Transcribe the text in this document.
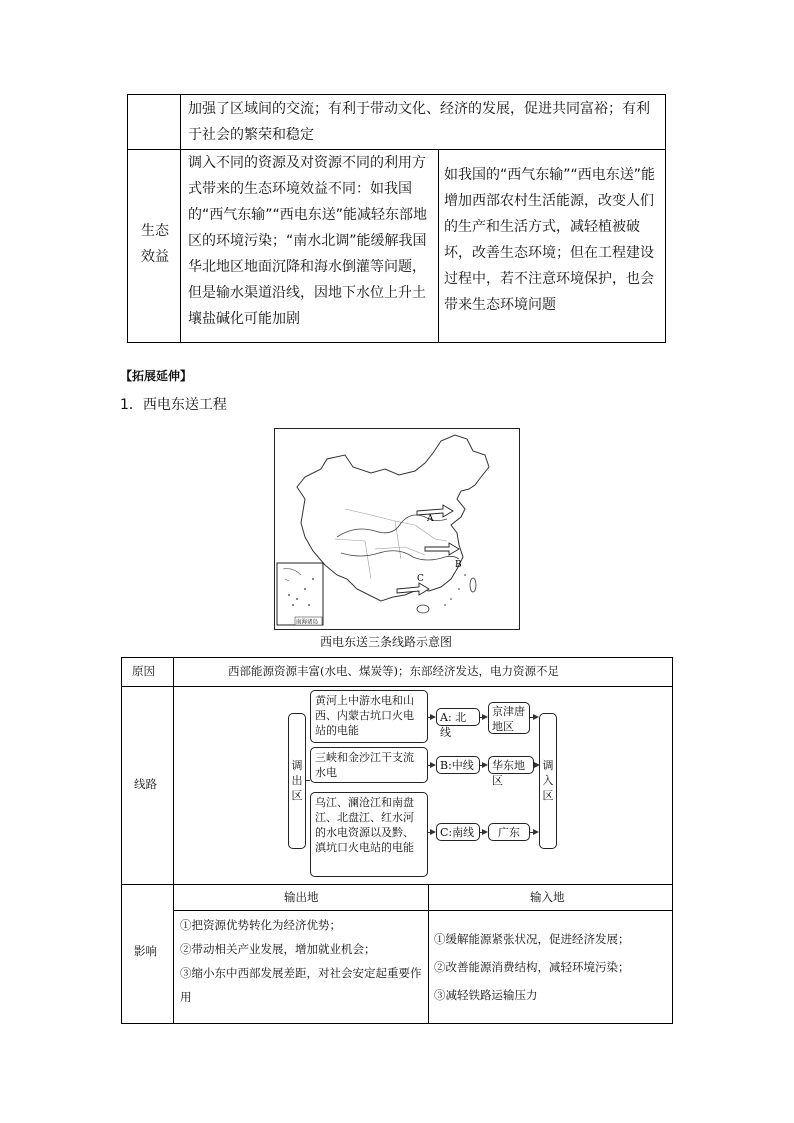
加强了区域间的交流；有利于带动文化、经济的发展，促进共同富裕；有利于社会的繁荣和稳定
生态效益
调入不同的资源及对资源不同的利用方式带来的生态环境效益不同：如我国的“西气东输”“西电东送”能减轻东部地区的环境污染；“南水北调”能缓解我国华北地区地面沉降和海水倒灌等问题，但是输水渠道沿线，因地下水位上升土壤盐碱化可能加剧
如我国的“西气东输”“西电东送”能增加西部农村生活能源，改变人们的生产和生活方式，减轻植被破坏，改善生态环境；但在工程建设过程中，若不注意环境保护，也会带来生态环境问题
【拓展延伸】
1．西电东送工程
A
B
C
南海诸岛
西电东送三条线路示意图
原因	西部能源资源丰富(水电、煤炭等)；东部经济发达，电力资源不足
线路
调出区
调入区
黄河上中游水电和山西、内蒙古坑口火电站的电能
三峡和金沙江干支流水电
乌江、澜沧江和南盘江、北盘江、红水河的水电资源以及黔、滇坑口火电站的电能
A: 北线
B:中线
C:南线
京津唐地区
华东地区
广东
影响
输出地	输入地
①把资源优势转化为经济优势；
②带动相关产业发展，增加就业机会；
③缩小东中西部发展差距，对社会安定起重要作用
①缓解能源紧张状况，促进经济发展；
②改善能源消费结构，减轻环境污染；
③减轻铁路运输压力
